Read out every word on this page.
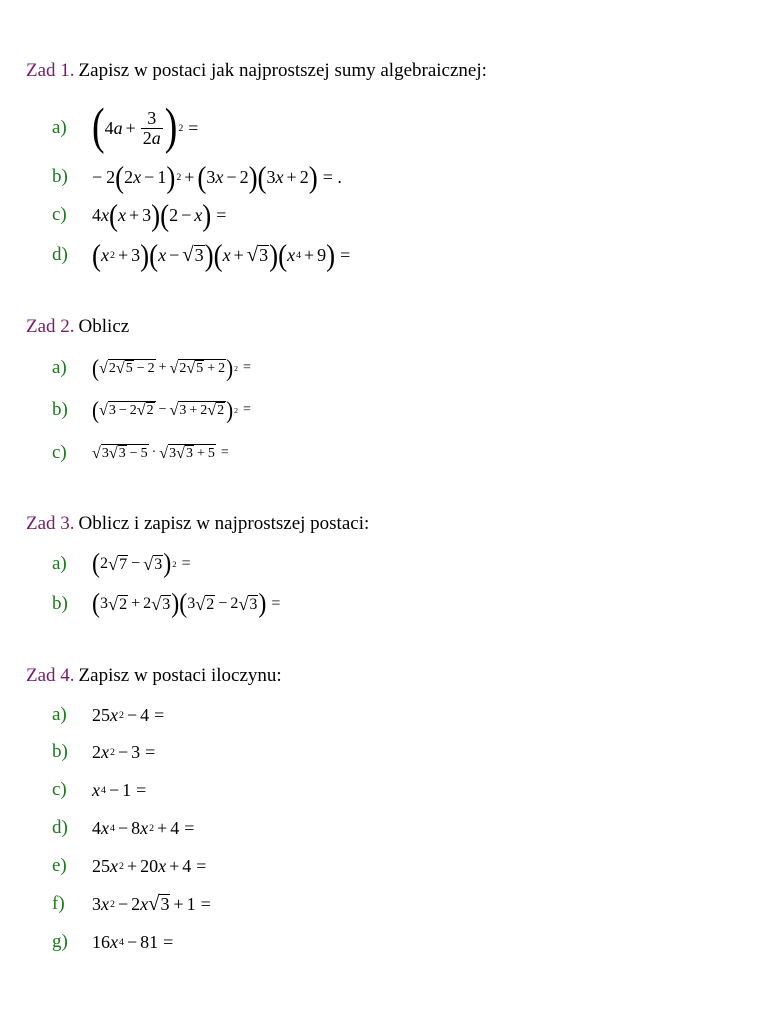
Zad 1. Zapisz w postaci jak najprostszej sumy algebraicznej:
a) ( $4a + \frac{3}{2a}$ ) 2 =
b)	− 2 ( 2 x − 1 ) 2 + ( 3 x − 2 )( 3 x + 2 ) = .
c)	4x ( x + 3 )( 2 − x ) =
d) ( x 2 + 3 )( x − √ 3 )( x + √ 3 )( x 4 + 9 ) =
Zad 2. Oblicz
a)	( √ 2 √ 5 − 2 + √ 2 √ 5 + 2 ) 2 =
b)	( √ 3 − 2 √ 2 − √ 3 + 2 √ 2 ) 2 =
c)	√ 3 √ 3 − 5 · √ 3 √ 3 + 5 =
Zad 3. Oblicz i zapisz w najprostszej postaci:
a)	( 2 √ 7 − √ 3 ) 2 =
b)	( 3 √ 2 + 2 √ 3 )( 3 √ 2 − 2 √ 3 ) =
Zad 4. Zapisz w postaci iloczynu:
a)	25 x 2 − 4 =
b)	2 x 2 − 3 =
c)	x 4 − 1 =
d)	4 x 4 − 8 x 2 + 4 =
e)	25 x 2 + 20 x + 4 =
f)	3 x 2 − 2 x √ 3 + 1 =
g)	16 x 4 − 81 =
